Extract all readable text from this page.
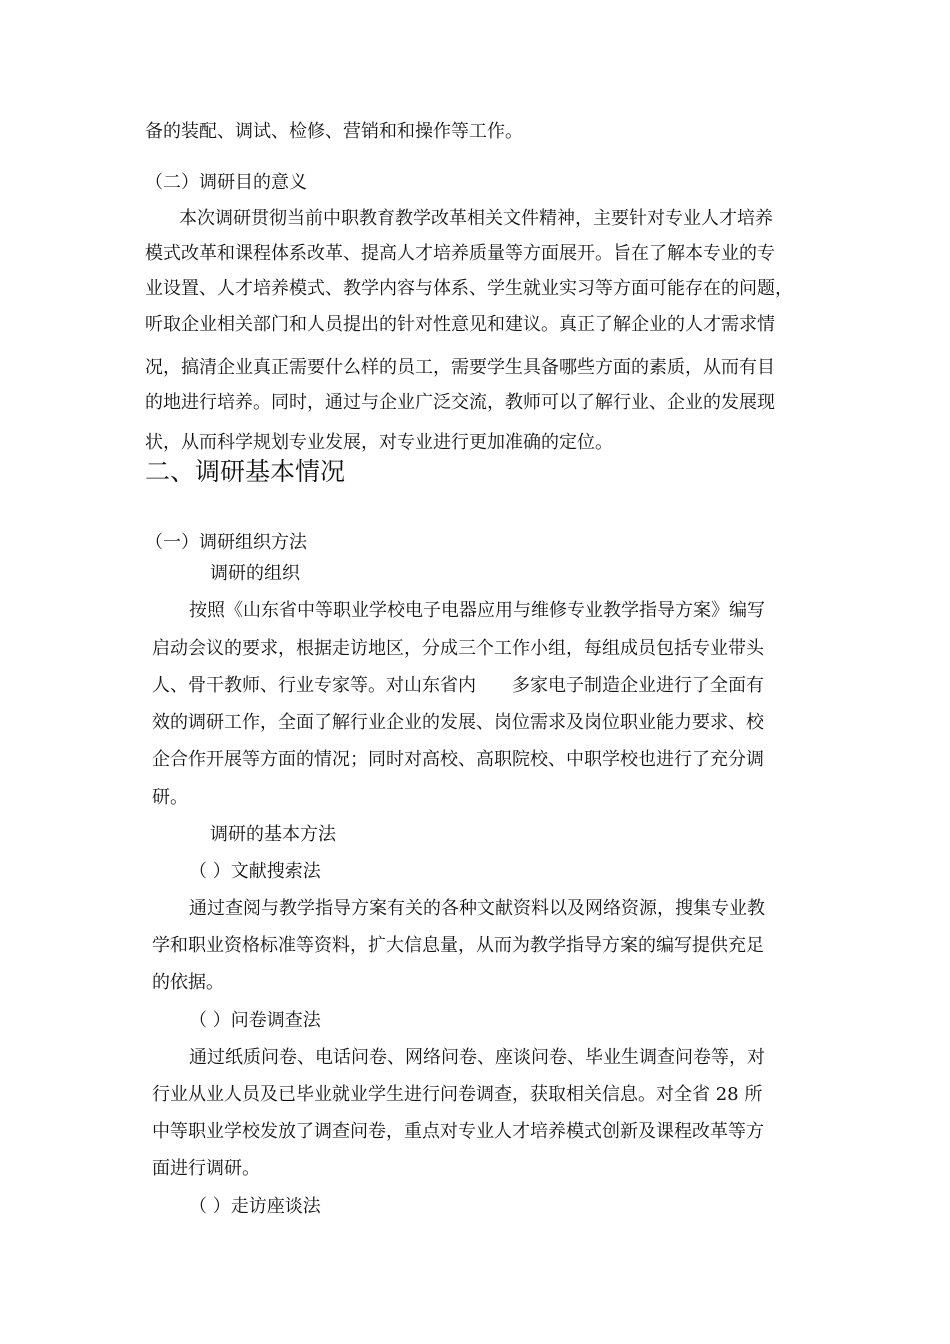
备的装配、调试、检修、营销和和操作等工作。
（二）调研目的意义
本次调研贯彻当前中职教育教学改革相关文件精神，主要针对专业人才培养
模式改革和课程体系改革、提高人才培养质量等方面展开。旨在了解本专业的专
业设置、人才培养模式、教学内容与体系、学生就业实习等方面可能存在的问题，
听取企业相关部门和人员提出的针对性意见和建议。真正了解企业的人才需求情
况，搞清企业真正需要什么样的员工，需要学生具备哪些方面的素质，从而有目
的地进行培养。同时，通过与企业广泛交流，教师可以了解行业、企业的发展现
状，从而科学规划专业发展，对专业进行更加准确的定位。
二、调研基本情况
（一）调研组织方法
调研的组织
按照《山东省中等职业学校电子电器应用与维修专业教学指导方案》编写
启动会议的要求，根据走访地区，分成三个工作小组，每组成员包括专业带头
人、骨干教师、行业专家等。对山东省内　　多家电子制造企业进行了全面有
效的调研工作，全面了解行业企业的发展、岗位需求及岗位职业能力要求、校
企合作开展等方面的情况；同时对高校、高职院校、中职学校也进行了充分调
研。
调研的基本方法
（ ）文献搜索法
通过查阅与教学指导方案有关的各种文献资料以及网络资源，搜集专业教
学和职业资格标准等资料，扩大信息量，从而为教学指导方案的编写提供充足
的依据。
（ ）问卷调查法
通过纸质问卷、电话问卷、网络问卷、座谈问卷、毕业生调查问卷等，对
行业从业人员及已毕业就业学生进行问卷调查，获取相关信息。对全省 28 所
中等职业学校发放了调查问卷，重点对专业人才培养模式创新及课程改革等方
面进行调研。
（ ）走访座谈法
